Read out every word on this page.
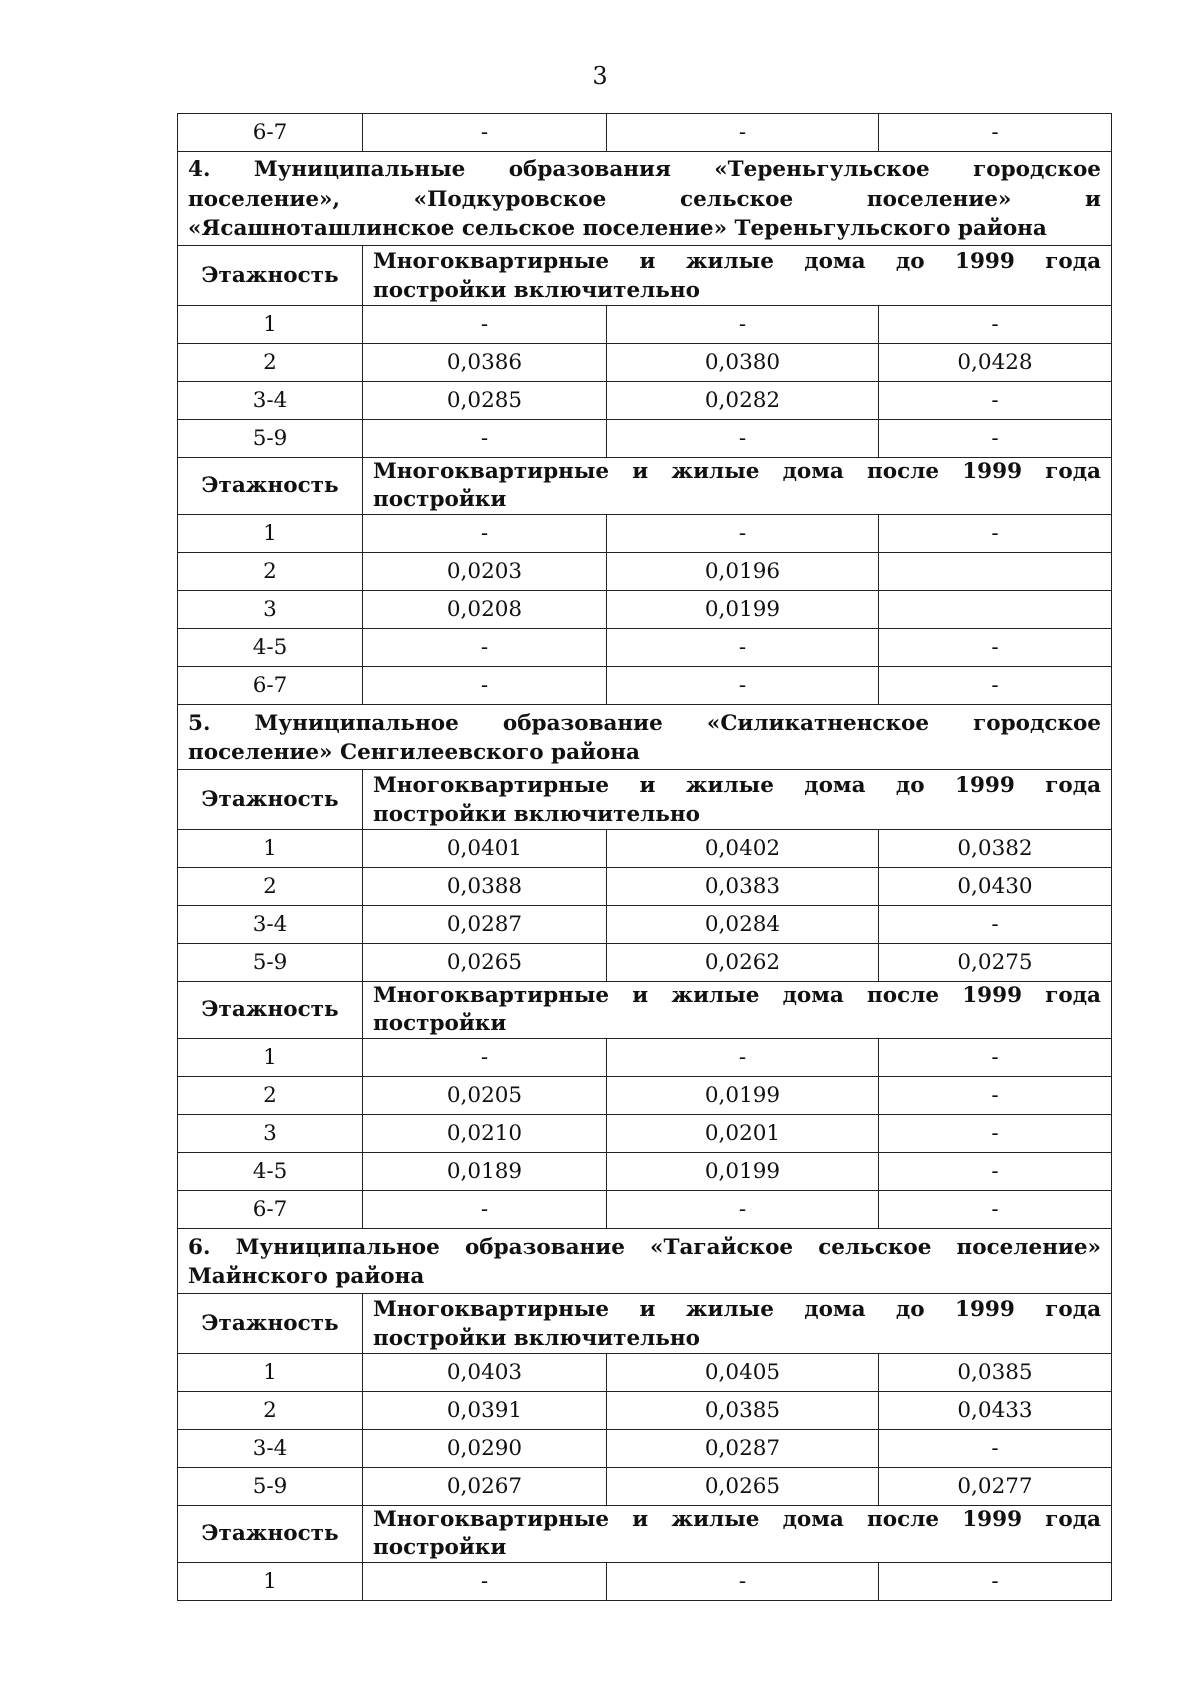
3
6-7	-	-	-
4. Муниципальные образования «Тереньгульское городское поселение», «Подкуровское сельское поселение» и «Ясашноташлинское сельское поселение» Тереньгульского района			
Этажность	Многоквартирные и жилые дома до 1999 года постройки включительно		
1	-	-	-
2	0,0386	0,0380	0,0428
3-4	0,0285	0,0282	-
5-9	-	-	-
Этажность	Многоквартирные и жилые дома после 1999 года постройки		
1	-	-	-
2	0,0203	0,0196	
3	0,0208	0,0199	
4-5	-	-	-
6-7	-	-	-
5. Муниципальное образование «Силикатненское городское поселение» Сенгилеевского района			
Этажность	Многоквартирные и жилые дома до 1999 года постройки включительно		
1	0,0401	0,0402	0,0382
2	0,0388	0,0383	0,0430
3-4	0,0287	0,0284	-
5-9	0,0265	0,0262	0,0275
Этажность	Многоквартирные и жилые дома после 1999 года постройки		
1	-	-	-
2	0,0205	0,0199	-
3	0,0210	0,0201	-
4-5	0,0189	0,0199	-
6-7	-	-	-
6. Муниципальное образование «Тагайское сельское поселение» Майнского района			
Этажность	Многоквартирные и жилые дома до 1999 года постройки включительно		
1	0,0403	0,0405	0,0385
2	0,0391	0,0385	0,0433
3-4	0,0290	0,0287	-
5-9	0,0267	0,0265	0,0277
Этажность	Многоквартирные и жилые дома после 1999 года постройки		
1	-	-	-
